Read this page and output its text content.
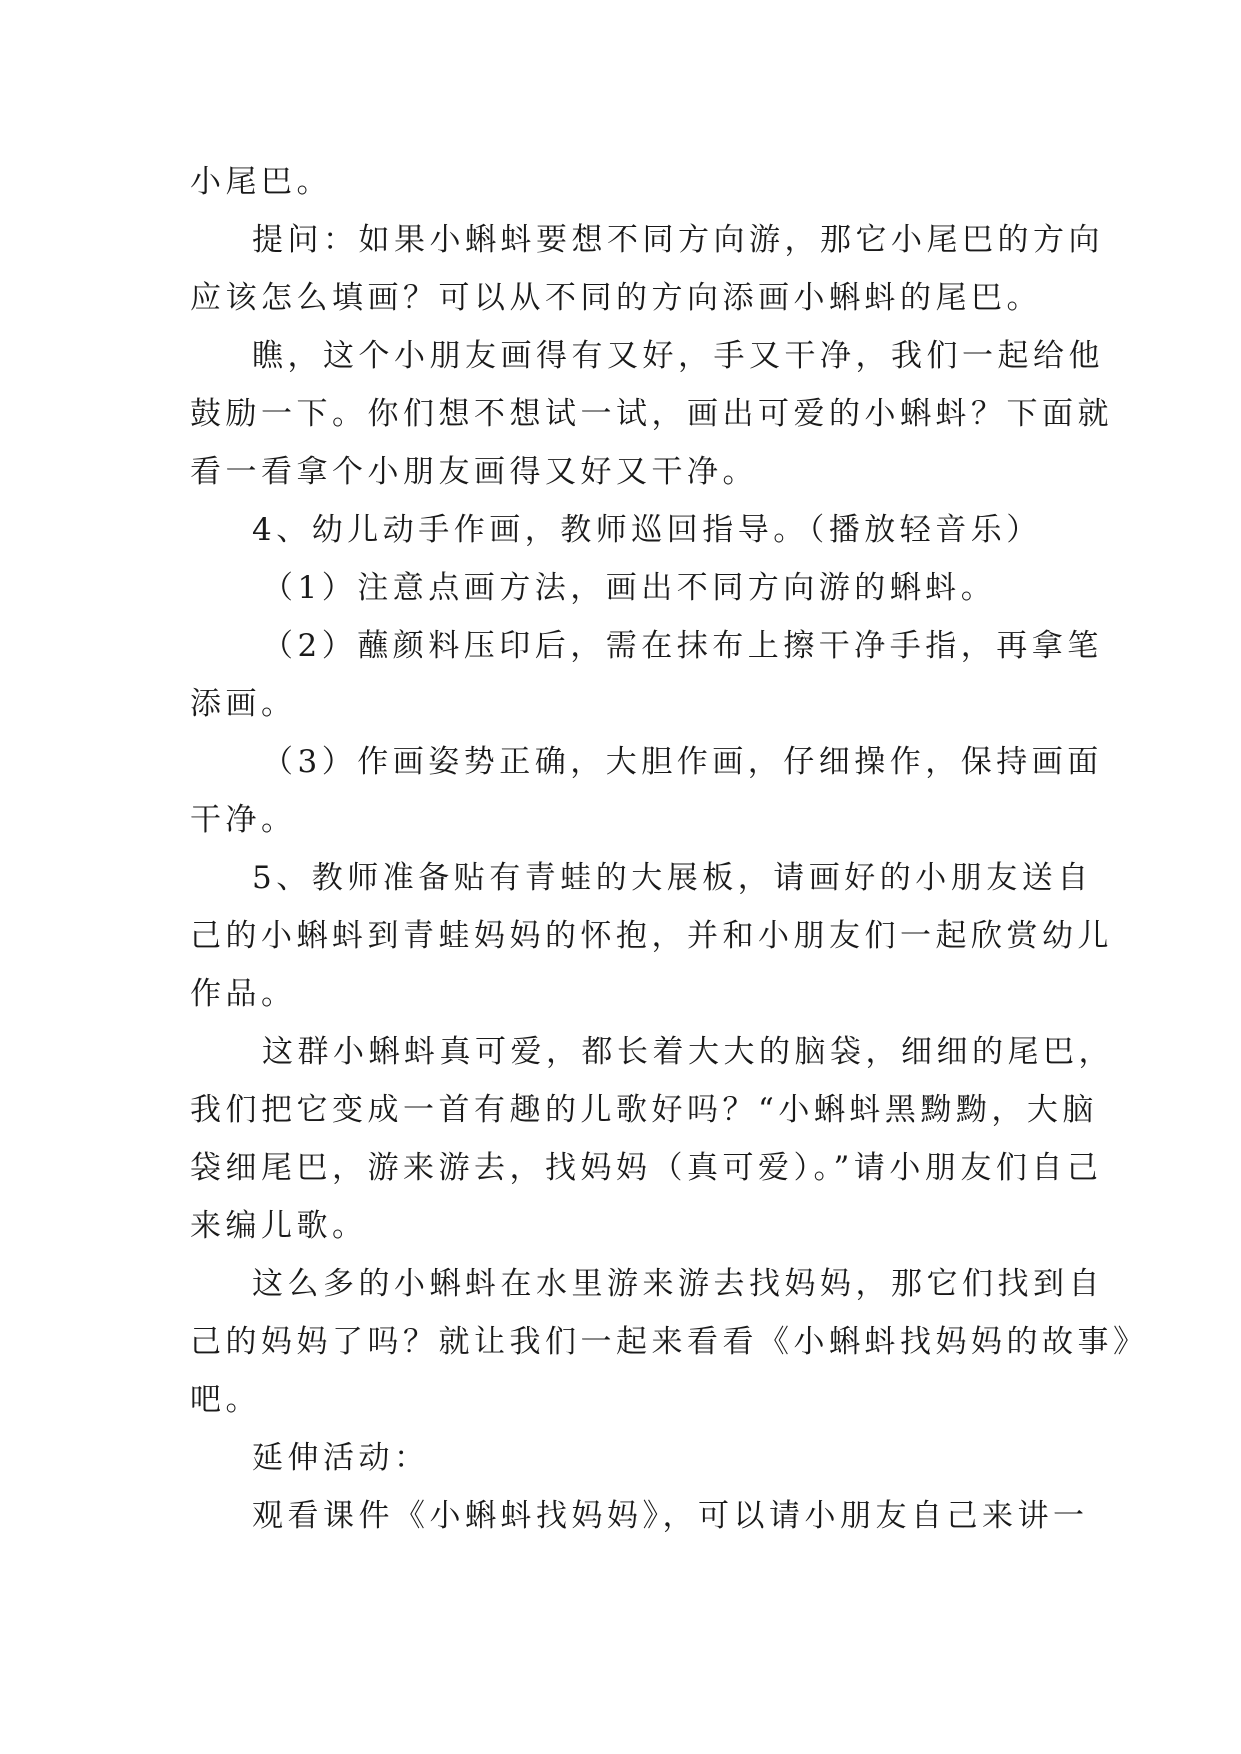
小尾巴。
提问：如果小蝌蚪要想不同方向游，那它小尾巴的方向
应该怎么填画？可以从不同的方向添画小蝌蚪的尾巴。
瞧，这个小朋友画得有又好，手又干净，我们一起给他
鼓励一下。你们想不想试一试，画出可爱的小蝌蚪？下面就
看一看拿个小朋友画得又好又干净。
4、幼儿动手作画，教师巡回指导。（播放轻音乐）
（1）注意点画方法，画出不同方向游的蝌蚪。
（2）蘸颜料压印后，需在抹布上擦干净手指，再拿笔
添画。
（3）作画姿势正确，大胆作画，仔细操作，保持画面
干净。
5、教师准备贴有青蛙的大展板，请画好的小朋友送自
己的小蝌蚪到青蛙妈妈的怀抱，并和小朋友们一起欣赏幼儿
作品。
这群小蝌蚪真可爱，都长着大大的脑袋，细细的尾巴，
我们把它变成一首有趣的儿歌好吗？“小蝌蚪黑黝黝，大脑
袋细尾巴，游来游去，找妈妈（真可爱）。”请小朋友们自己
来编儿歌。
这么多的小蝌蚪在水里游来游去找妈妈，那它们找到自
己的妈妈了吗？就让我们一起来看看《小蝌蚪找妈妈的故事》
吧。
延伸活动：
观看课件《小蝌蚪找妈妈》，可以请小朋友自己来讲一
